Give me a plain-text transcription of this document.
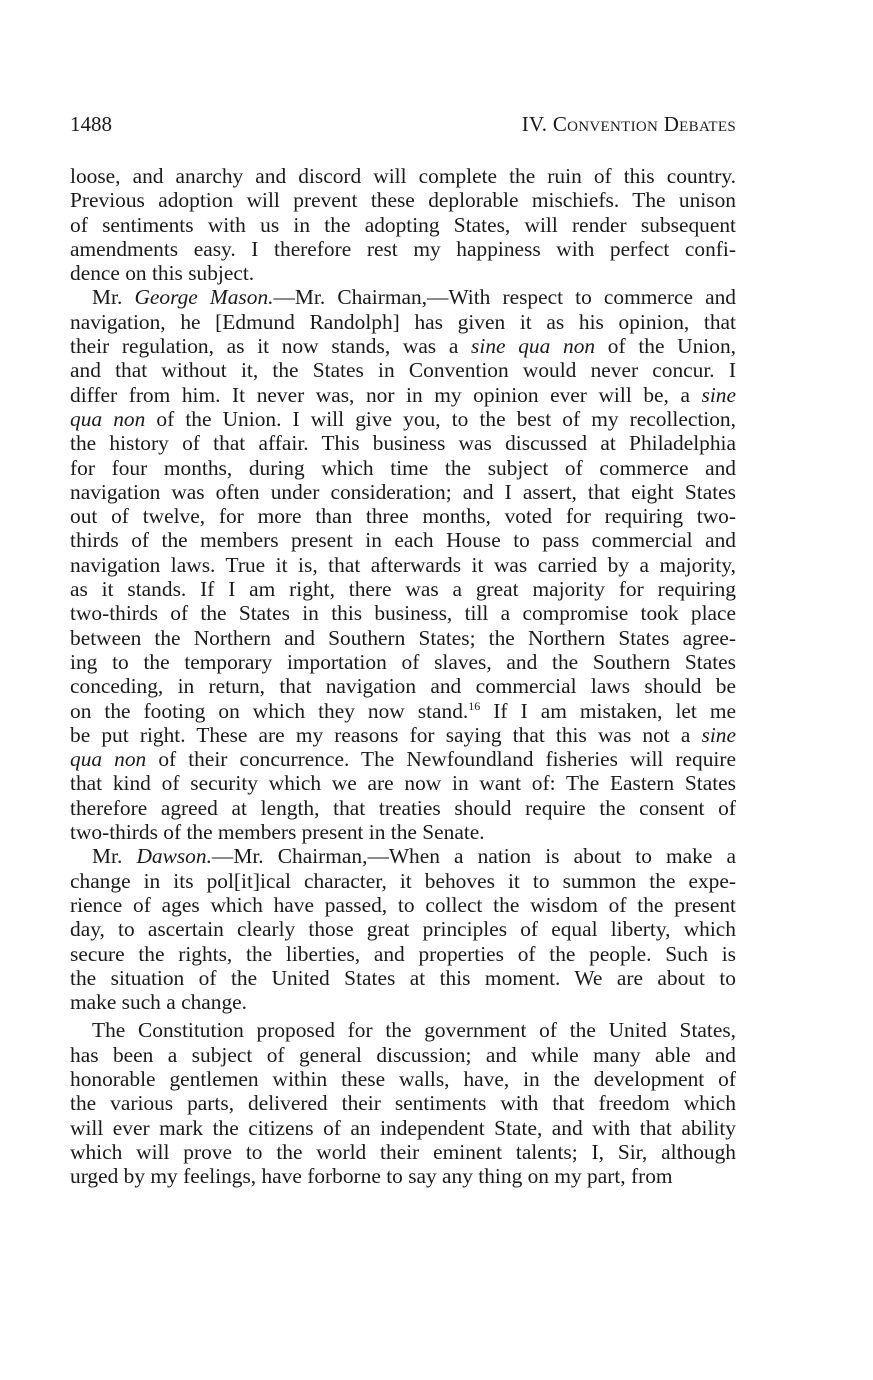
1488	IV. Convention Debates
loose, and anarchy and discord will complete the ruin of this country.
Previous adoption will prevent these deplorable mischiefs. The unison
of sentiments with us in the adopting States, will render subsequent
amendments easy. I therefore rest my happiness with perfect confi-
dence on this subject.
Mr. George Mason.—Mr. Chairman,—With respect to commerce and
navigation, he [Edmund Randolph] has given it as his opinion, that
their regulation, as it now stands, was a sine qua non of the Union,
and that without it, the States in Convention would never concur. I
differ from him. It never was, nor in my opinion ever will be, a sine
qua non of the Union. I will give you, to the best of my recollection,
the history of that affair. This business was discussed at Philadelphia
for four months, during which time the subject of commerce and
navigation was often under consideration; and I assert, that eight States
out of twelve, for more than three months, voted for requiring two-
thirds of the members present in each House to pass commercial and
navigation laws. True it is, that afterwards it was carried by a majority,
as it stands. If I am right, there was a great majority for requiring
two-thirds of the States in this business, till a compromise took place
between the Northern and Southern States; the Northern States agree-
ing to the temporary importation of slaves, and the Southern States
conceding, in return, that navigation and commercial laws should be
on the footing on which they now stand.$^{16}$ If I am mistaken, let me
be put right. These are my reasons for saying that this was not a sine
qua non of their concurrence. The Newfoundland fisheries will require
that kind of security which we are now in want of: The Eastern States
therefore agreed at length, that treaties should require the consent of
two-thirds of the members present in the Senate.
Mr. Dawson.—Mr. Chairman,—When a nation is about to make a
change in its pol[it]ical character, it behoves it to summon the expe-
rience of ages which have passed, to collect the wisdom of the present
day, to ascertain clearly those great principles of equal liberty, which
secure the rights, the liberties, and properties of the people. Such is
the situation of the United States at this moment. We are about to
make such a change.
The Constitution proposed for the government of the United States,
has been a subject of general discussion; and while many able and
honorable gentlemen within these walls, have, in the development of
the various parts, delivered their sentiments with that freedom which
will ever mark the citizens of an independent State, and with that ability
which will prove to the world their eminent talents; I, Sir, although
urged by my feelings, have forborne to say any thing on my part, from
